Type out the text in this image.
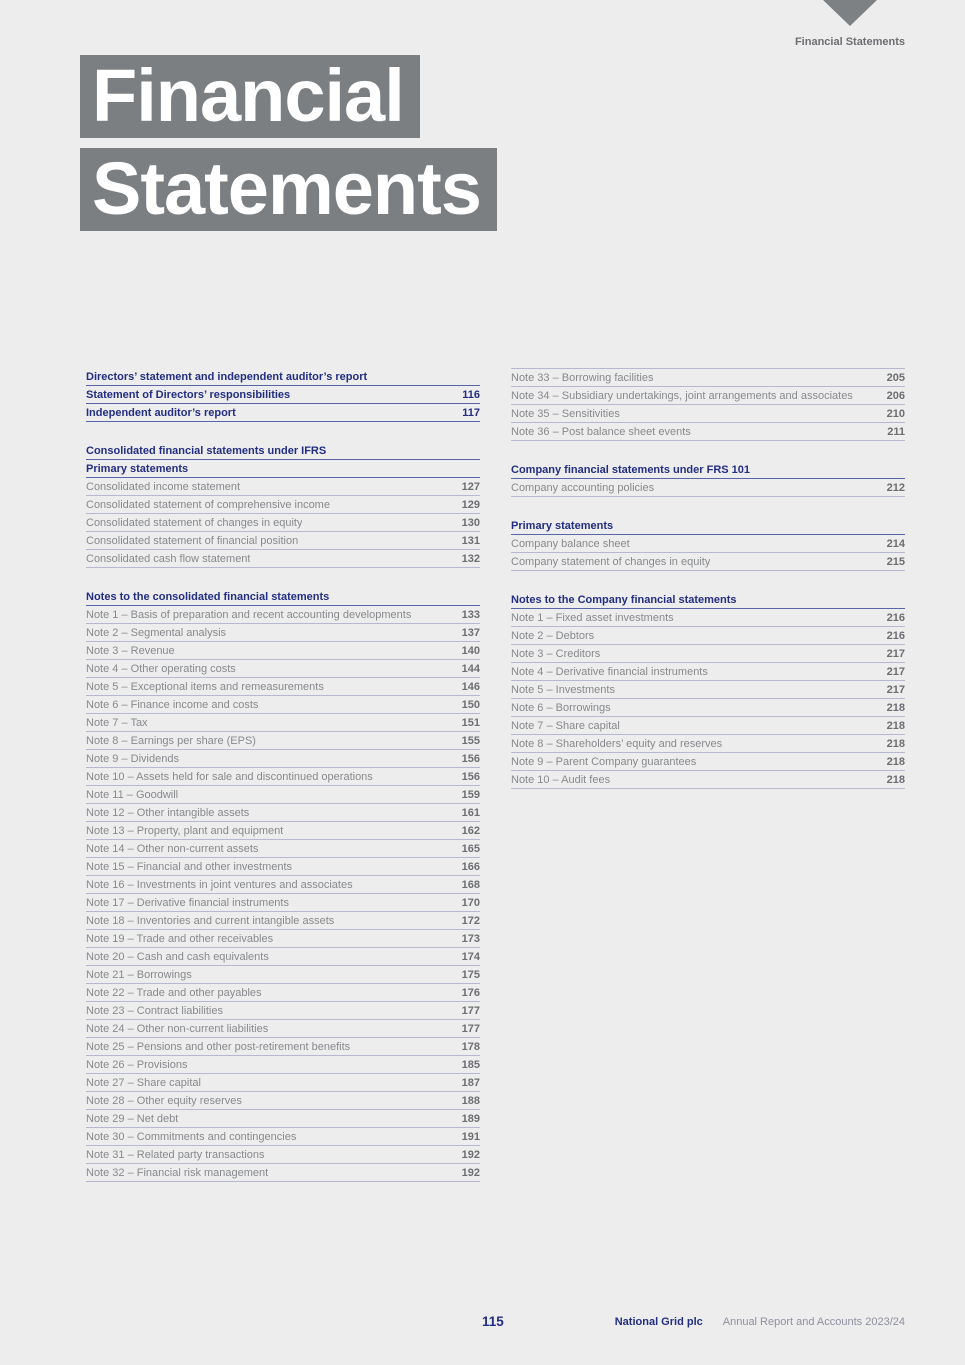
Financial Statements
Financial
Statements
Directors’ statement and independent auditor’s report
Statement of Directors’ responsibilities	116
Independent auditor’s report	117
Consolidated financial statements under IFRS
Primary statements
Consolidated income statement	127
Consolidated statement of comprehensive income	129
Consolidated statement of changes in equity	130
Consolidated statement of financial position	131
Consolidated cash flow statement	132
Notes to the consolidated financial statements
Note 1 – Basis of preparation and recent accounting developments	133
Note 2 – Segmental analysis	137
Note 3 – Revenue	140
Note 4 – Other operating costs	144
Note 5 – Exceptional items and remeasurements	146
Note 6 – Finance income and costs	150
Note 7 – Tax	151
Note 8 – Earnings per share (EPS)	155
Note 9 – Dividends	156
Note 10 – Assets held for sale and discontinued operations	156
Note 11 – Goodwill	159
Note 12 – Other intangible assets	161
Note 13 – Property, plant and equipment	162
Note 14 – Other non-current assets	165
Note 15 – Financial and other investments	166
Note 16 – Investments in joint ventures and associates	168
Note 17 – Derivative financial instruments	170
Note 18 – Inventories and current intangible assets	172
Note 19 – Trade and other receivables	173
Note 20 – Cash and cash equivalents	174
Note 21 – Borrowings	175
Note 22 – Trade and other payables	176
Note 23 – Contract liabilities	177
Note 24 – Other non-current liabilities	177
Note 25 – Pensions and other post-retirement benefits	178
Note 26 – Provisions	185
Note 27 – Share capital	187
Note 28 – Other equity reserves	188
Note 29 – Net debt	189
Note 30 – Commitments and contingencies	191
Note 31 – Related party transactions	192
Note 32 – Financial risk management	192
Note 33 – Borrowing facilities	205
Note 34 – Subsidiary undertakings, joint arrangements and associates	206
Note 35 – Sensitivities	210
Note 36 – Post balance sheet events	211
Company financial statements under FRS 101
Company accounting policies	212
Primary statements
Company balance sheet	214
Company statement of changes in equity	215
Notes to the Company financial statements
Note 1 – Fixed asset investments	216
Note 2 – Debtors	216
Note 3 – Creditors	217
Note 4 – Derivative financial instruments	217
Note 5 – Investments	217
Note 6 – Borrowings	218
Note 7 – Share capital	218
Note 8 – Shareholders’ equity and reserves	218
Note 9 – Parent Company guarantees	218
Note 10 – Audit fees	218
115	National Grid plc Annual Report and Accounts 2023/24
